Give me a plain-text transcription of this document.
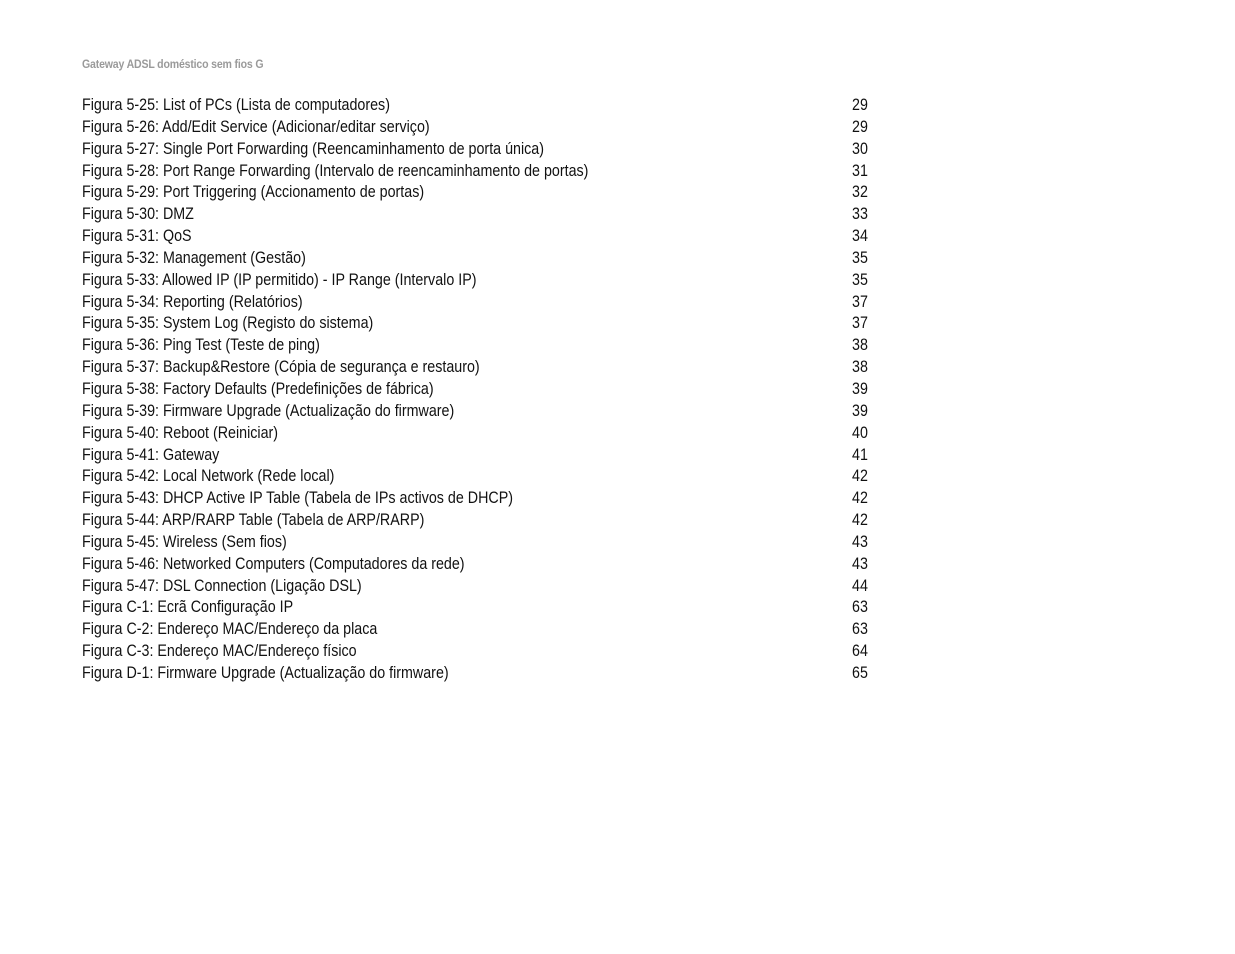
Gateway ADSL doméstico sem fios G
Figura 5-25: List of PCs (Lista de computadores)	29
Figura 5-26: Add/Edit Service (Adicionar/editar serviço)	29
Figura 5-27: Single Port Forwarding (Reencaminhamento de porta única)	30
Figura 5-28: Port Range Forwarding (Intervalo de reencaminhamento de portas)	31
Figura 5-29: Port Triggering (Accionamento de portas)	32
Figura 5-30: DMZ	33
Figura 5-31: QoS	34
Figura 5-32: Management (Gestão)	35
Figura 5-33: Allowed IP (IP permitido) - IP Range (Intervalo IP)	35
Figura 5-34: Reporting (Relatórios)	37
Figura 5-35: System Log (Registo do sistema)	37
Figura 5-36: Ping Test (Teste de ping)	38
Figura 5-37: Backup&Restore (Cópia de segurança e restauro)	38
Figura 5-38: Factory Defaults (Predefinições de fábrica)	39
Figura 5-39: Firmware Upgrade (Actualização do firmware)	39
Figura 5-40: Reboot (Reiniciar)	40
Figura 5-41: Gateway	41
Figura 5-42: Local Network (Rede local)	42
Figura 5-43: DHCP Active IP Table (Tabela de IPs activos de DHCP)	42
Figura 5-44: ARP/RARP Table (Tabela de ARP/RARP)	42
Figura 5-45: Wireless (Sem fios)	43
Figura 5-46: Networked Computers (Computadores da rede)	43
Figura 5-47: DSL Connection (Ligação DSL)	44
Figura C-1: Ecrã Configuração IP	63
Figura C-2: Endereço MAC/Endereço da placa	63
Figura C-3: Endereço MAC/Endereço físico	64
Figura D-1: Firmware Upgrade (Actualização do firmware)	65
